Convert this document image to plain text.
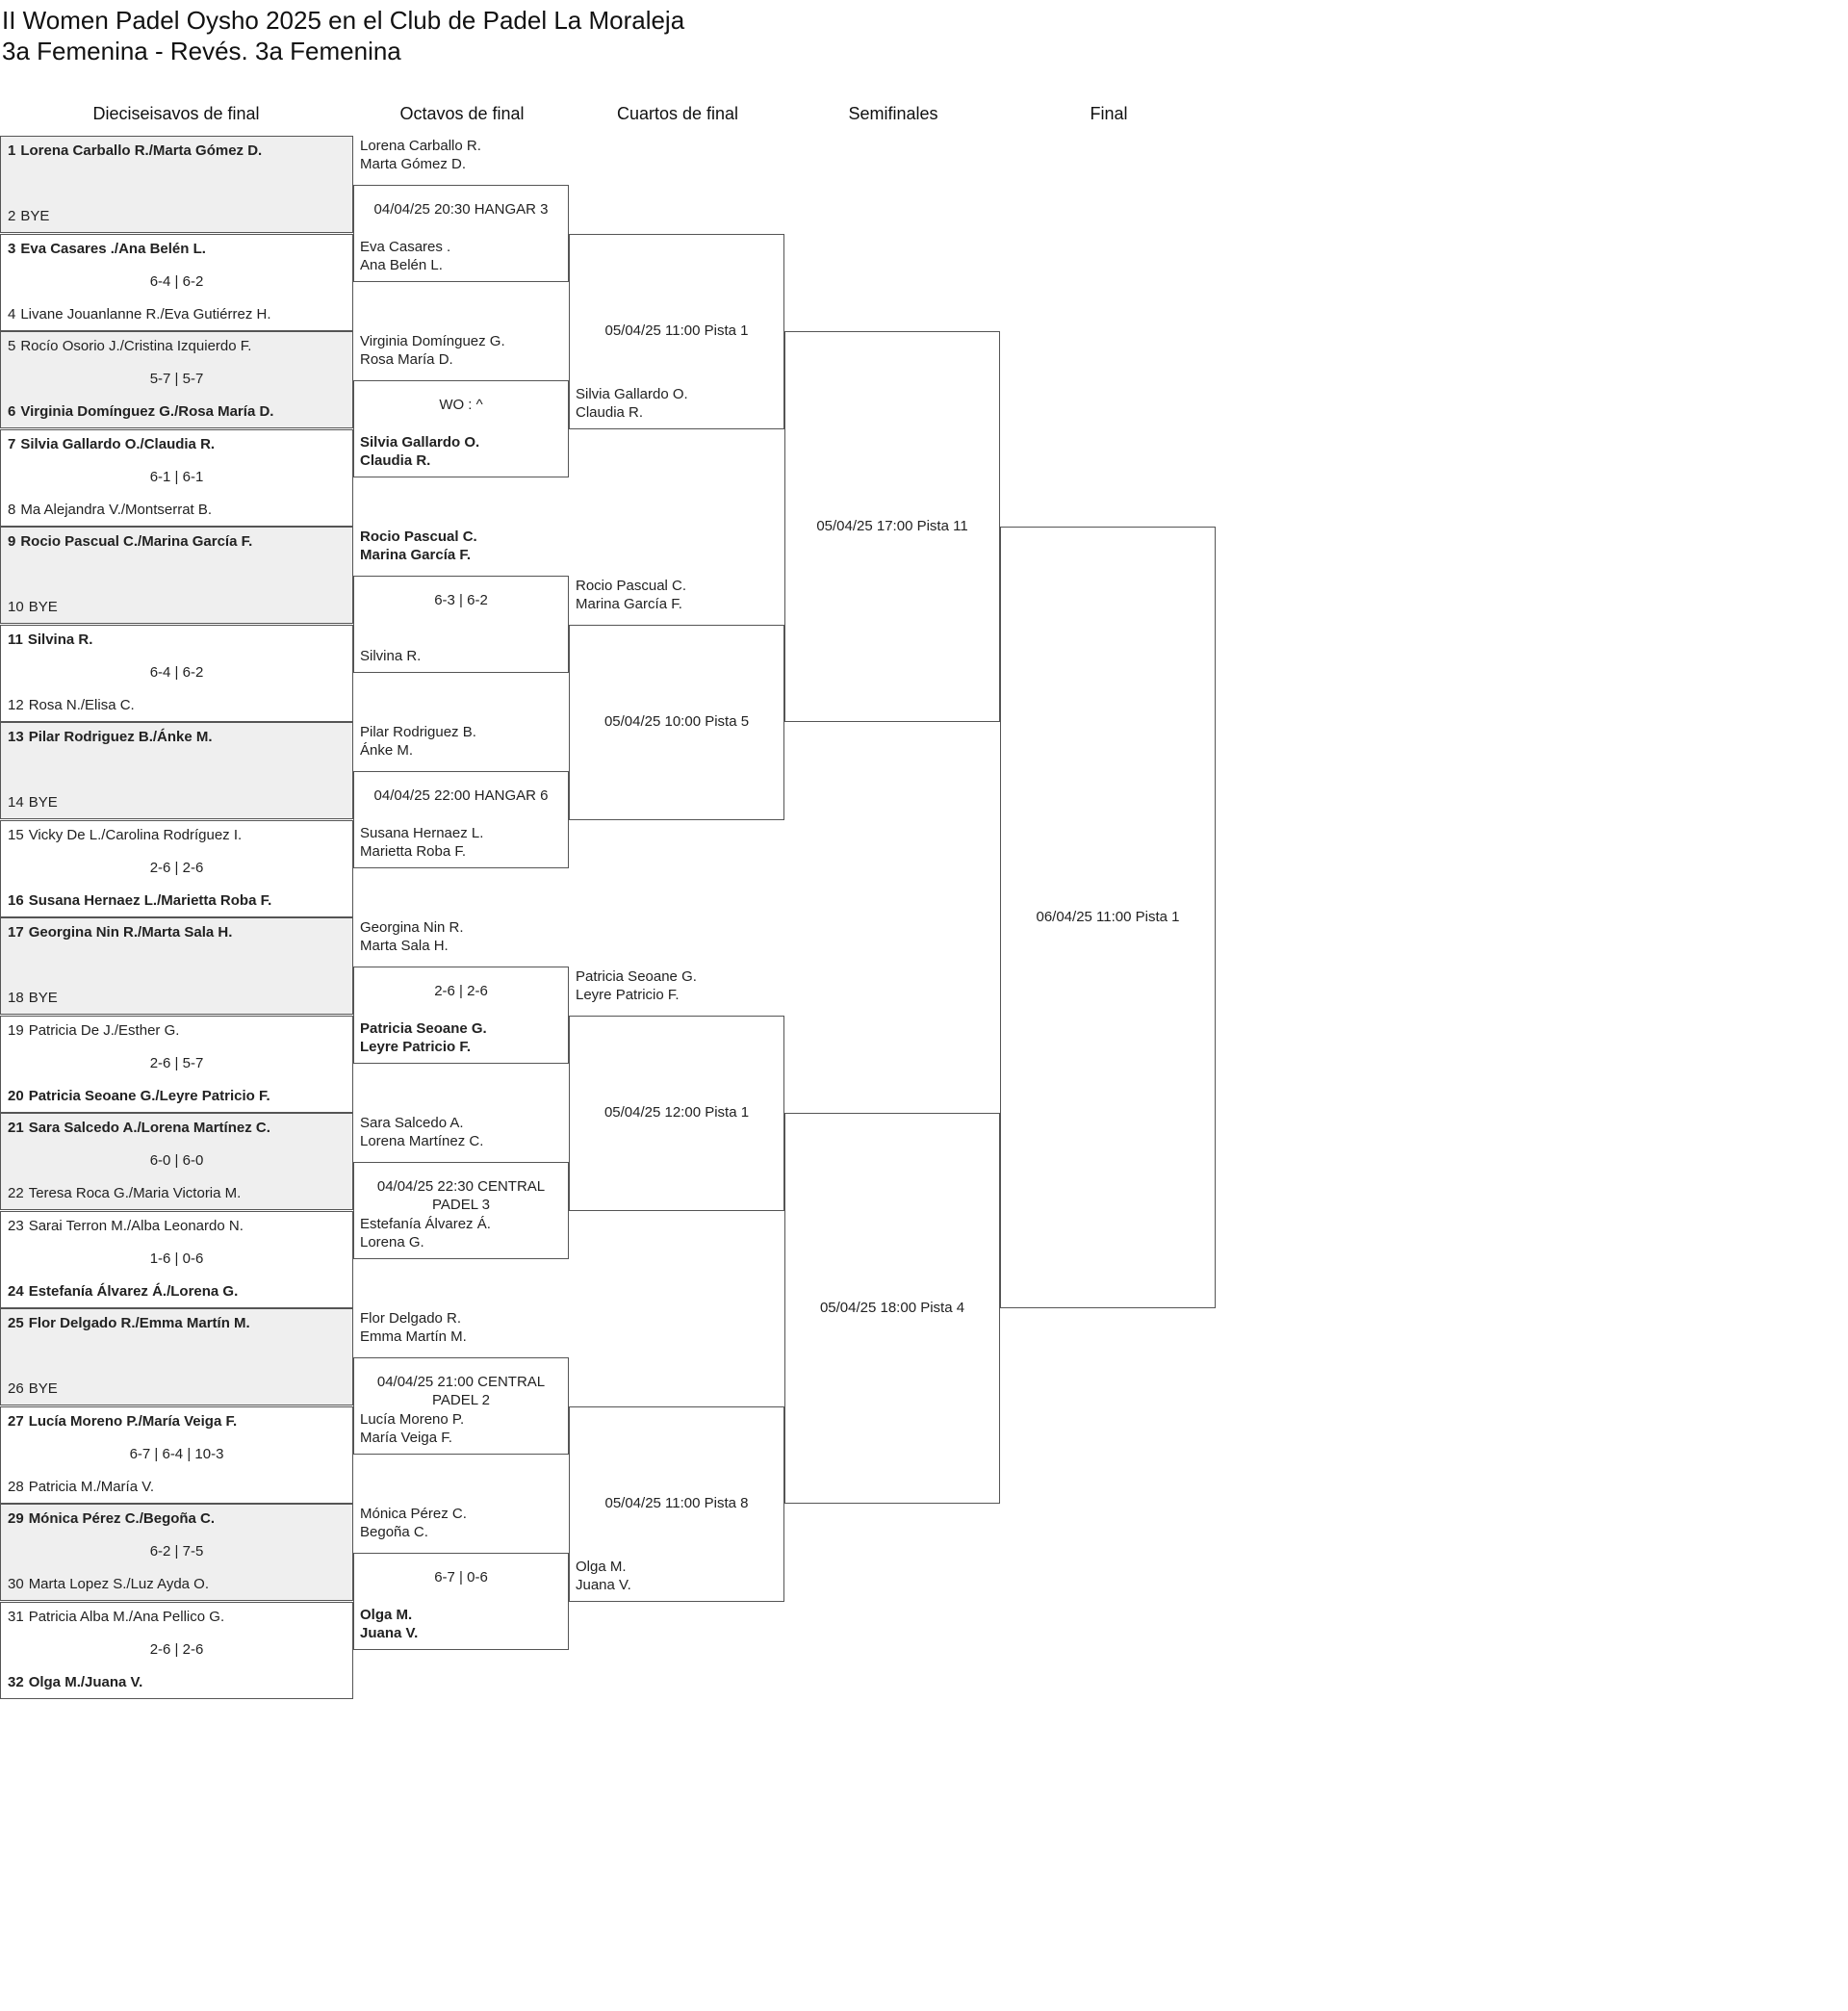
II Women Padel Oysho 2025 en el Club de Padel La Moraleja
3a Femenina - Revés. 3a Femenina
Dieciseisavos de final	Octavos de final	Cuartos de final	Semifinales	Final
1 Lorena Carballo R./Marta Gómez D.
2 BYE
3 Eva Casares ./Ana Belén L.
4 Livane Jouanlanne R./Eva Gutiérrez H.
6-4 | 6-2
5 Rocío Osorio J./Cristina Izquierdo F.
6 Virginia Domínguez G./Rosa María D.
5-7 | 5-7
7 Silvia Gallardo O./Claudia R.
8 Ma Alejandra V./Montserrat B.
6-1 | 6-1
9 Rocio Pascual C./Marina García F.
10 BYE
11 Silvina R.
12 Rosa N./Elisa C.
6-4 | 6-2
13 Pilar Rodriguez B./Ánke M.
14 BYE
15 Vicky De L./Carolina Rodríguez I.
16 Susana Hernaez L./Marietta Roba F.
2-6 | 2-6
17 Georgina Nin R./Marta Sala H.
18 BYE
19 Patricia De J./Esther G.
20 Patricia Seoane G./Leyre Patricio F.
2-6 | 5-7
21 Sara Salcedo A./Lorena Martínez C.
22 Teresa Roca G./Maria Victoria M.
6-0 | 6-0
23 Sarai Terron M./Alba Leonardo N.
24 Estefanía Álvarez Á./Lorena G.
1-6 | 0-6
25 Flor Delgado R./Emma Martín M.
26 BYE
27 Lucía Moreno P./María Veiga F.
28 Patricia M./María V.
6-7 | 6-4 | 10-3
29 Mónica Pérez C./Begoña C.
30 Marta Lopez S./Luz Ayda O.
6-2 | 7-5
31 Patricia Alba M./Ana Pellico G.
32 Olga M./Juana V.
2-6 | 2-6
Lorena Carballo R.
Marta Gómez D.
Eva Casares .
Ana Belén L.
04/04/25 20:30 HANGAR 3
Virginia Domínguez G.
Rosa María D.
Silvia Gallardo O.
Claudia R.
WO : ^
Rocio Pascual C.
Marina García F.
Silvina R.
6-3 | 6-2
Pilar Rodriguez B.
Ánke M.
Susana Hernaez L.
Marietta Roba F.
04/04/25 22:00 HANGAR 6
Georgina Nin R.
Marta Sala H.
Patricia Seoane G.
Leyre Patricio F.
2-6 | 2-6
Sara Salcedo A.
Lorena Martínez C.
Estefanía Álvarez Á.
Lorena G.
04/04/25 22:30 CENTRAL PADEL 3
Flor Delgado R.
Emma Martín M.
Lucía Moreno P.
María Veiga F.
04/04/25 21:00 CENTRAL PADEL 2
Mónica Pérez C.
Begoña C.
Olga M.
Juana V.
6-7 | 0-6
Silvia Gallardo O.
Claudia R.
05/04/25 11:00 Pista 1
Rocio Pascual C.
Marina García F.
05/04/25 10:00 Pista 5
Patricia Seoane G.
Leyre Patricio F.
05/04/25 12:00 Pista 1
Olga M.
Juana V.
05/04/25 11:00 Pista 8
05/04/25 17:00 Pista 11
05/04/25 18:00 Pista 4
06/04/25 11:00 Pista 1
